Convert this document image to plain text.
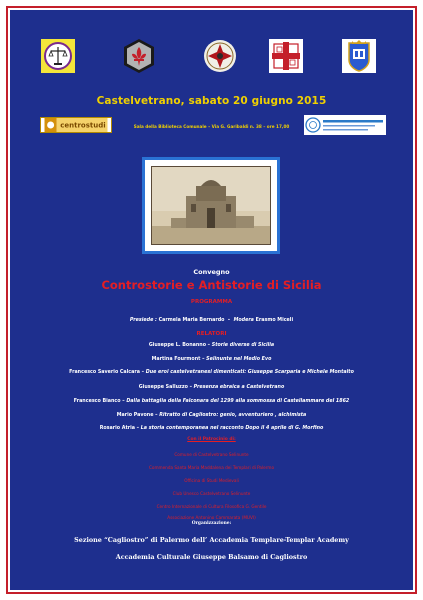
Castelvetrano, sabato 20 giugno 2015
centrostudi	Sala della Biblioteca Comunale – Via G. Garibaldi n. 38 – ore 17,00
Convegno
Controstorie e Antistorie di Sicilia
PROGRAMMA
Presiede : Carmela Maria Bernardo  –  Modera Erasmo Miceli
RELATORI
Giuseppe L. Bonanno – Storie diverse di Sicilia
Martina Fourmont – Selinunte nel Medio Evo
Francesco Saverio Calcara – Due eroi castelvetranesi dimenticati: Giuseppe Scarparia e Michele Montalto
Giuseppe Salluzzo – Presenza ebraica a Castelvetrano
Francesco Bianco – Dalla battaglia della Falconara del 1299 alla sommossa di Castellammare del 1862
Mario Pavone – Ritratto di Cagliostro: genio, avventuriero , alchimista
Rosario Atria – La storia contemporanea nel racconto Dopo il 4 aprile di G. Morfino
Con il Patrocinio di:
Comune di Castelvetrano Selinunte
Commenda Santa Maria Maddalena dei Templari di Palermo
Officina di Studi Medievali
Club Unesco Castelvetrano Selinunte
Centro Internazionale di Cultura Filosofica G. Gentile
Associazione Antonino Cammarata (MUVI)
Organizzazione:
Sezione “Cagliostro” di Palermo dell’ Accademia Templare-Templar Academy
Accademia Culturale Giuseppe Balsamo di Cagliostro
